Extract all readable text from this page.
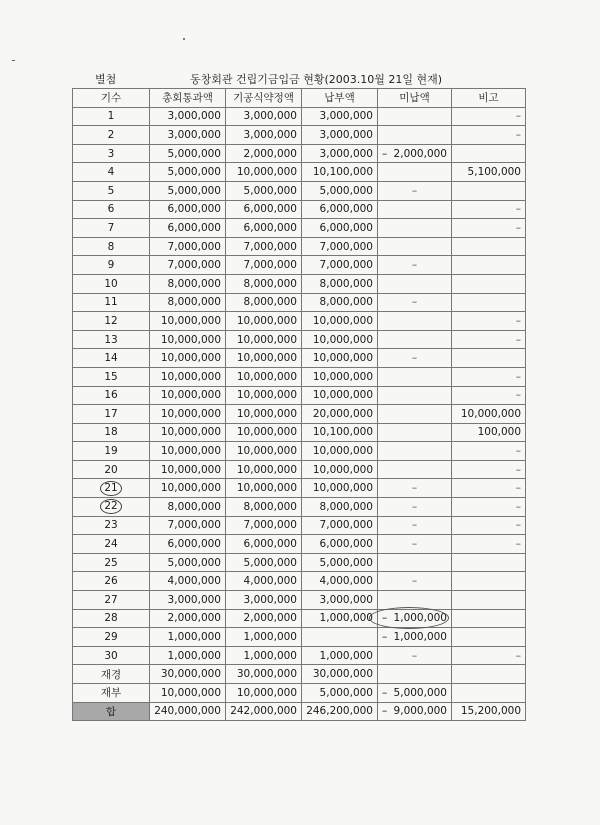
별첨	동창회관 건립기금입금 현황(2003.10월 21일 현재)
기수	총회통과액	기공식약정액	납부액	미납액	비고
1	3,000,000	3,000,000	3,000,000		–
2	3,000,000	3,000,000	3,000,000		–
3	5,000,000	2,000,000	3,000,000	– 2,000,000	

4	5,000,000	10,000,000	10,100,000		5,100,000
5	5,000,000	5,000,000	5,000,000	–	
6	6,000,000	6,000,000	6,000,000		–
7	6,000,000	6,000,000	6,000,000		–
8	7,000,000	7,000,000	7,000,000		
9	7,000,000	7,000,000	7,000,000	–	
10	8,000,000	8,000,000	8,000,000		
11	8,000,000	8,000,000	8,000,000	–	
12	10,000,000	10,000,000	10,000,000		–
13	10,000,000	10,000,000	10,000,000		–
14	10,000,000	10,000,000	10,000,000	–	
15	10,000,000	10,000,000	10,000,000		–
16	10,000,000	10,000,000	10,000,000		–
17	10,000,000	10,000,000	20,000,000		10,000,000
18	10,000,000	10,000,000	10,100,000		100,000
19	10,000,000	10,000,000	10,000,000		–
20	10,000,000	10,000,000	10,000,000		–
21	10,000,000	10,000,000	10,000,000	–	–
22	8,000,000	8,000,000	8,000,000	–	–
23	7,000,000	7,000,000	7,000,000	–	–
24	6,000,000	6,000,000	6,000,000	–	–
25	5,000,000	5,000,000	5,000,000		
26	4,000,000	4,000,000	4,000,000	–	
27	3,000,000	3,000,000	3,000,000		
28	2,000,000	2,000,000	1,000,000	– 1,000,000	

29	1,000,000	1,000,000		– 1,000,000	

30	1,000,000	1,000,000	1,000,000	–	–
재경	30,000,000	30,000,000	30,000,000		
재부	10,000,000	10,000,000	5,000,000	– 5,000,000	

합	240,000,000	242,000,000	246,200,000	– 9,000,000	15,200,000
